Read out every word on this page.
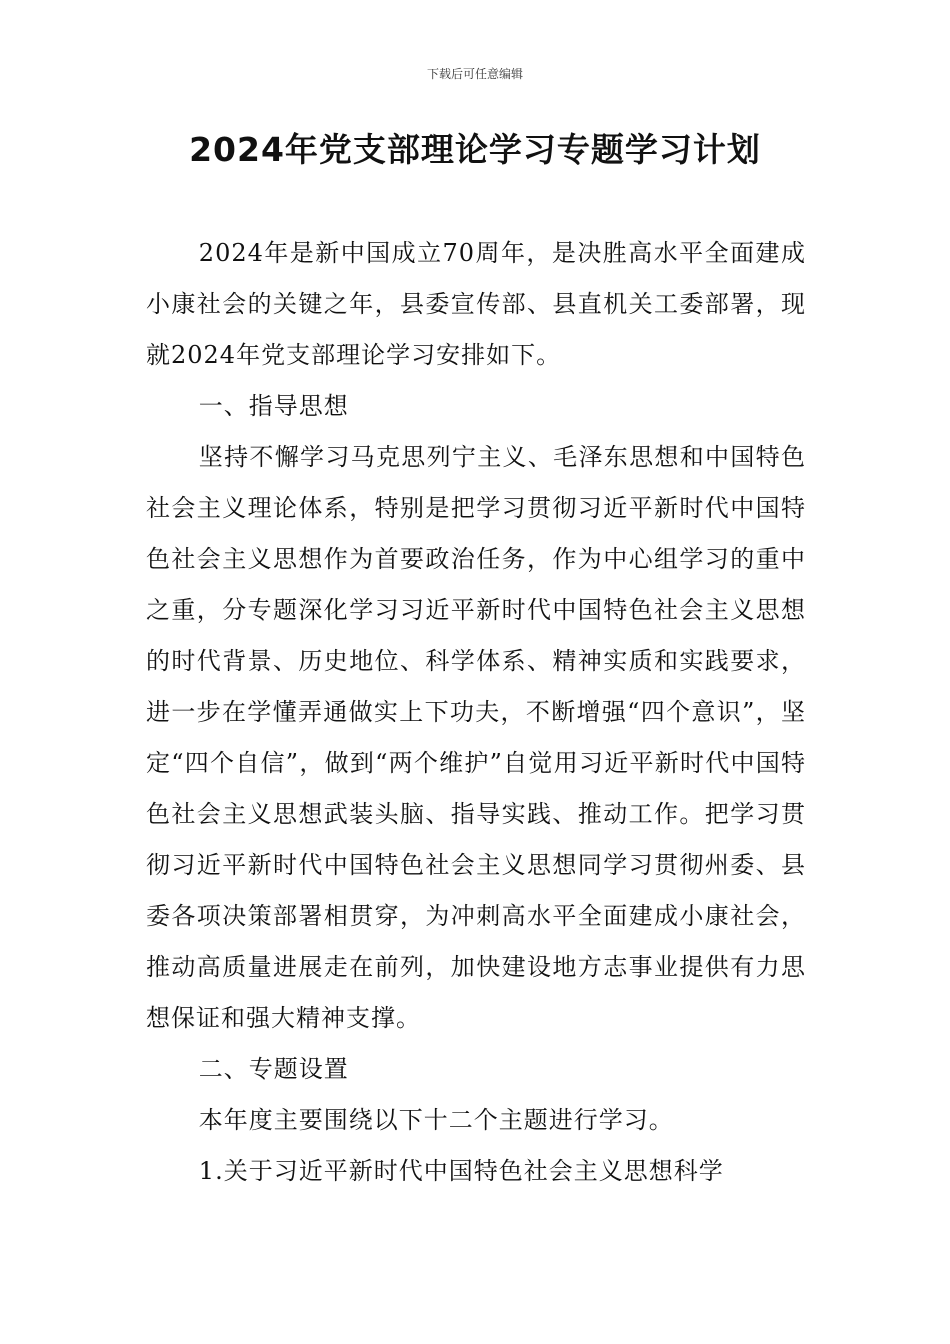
下载后可任意编辑
2024年党支部理论学习专题学习计划

2024年是新中国成立70周年，是决胜高水平全面建成小康社会的关键之年，县委宣传部、县直机关工委部署，现就2024年党支部理论学习安排如下。

一、指导思想

坚持不懈学习马克思列宁主义、毛泽东思想和中国特色社会主义理论体系，特别是把学习贯彻习近平新时代中国特色社会主义思想作为首要政治任务，作为中心组学习的重中之重，分专题深化学习习近平新时代中国特色社会主义思想的时代背景、历史地位、科学体系、精神实质和实践要求，进一步在学懂弄通做实上下功夫，不断增强“四个意识”，坚定“四个自信”，做到“两个维护”自觉用习近平新时代中国特色社会主义思想武装头脑、指导实践、推动工作。把学习贯彻习近平新时代中国特色社会主义思想同学习贯彻州委、县委各项决策部署相贯穿，为冲刺高水平全面建成小康社会，推动高质量进展走在前列，加快建设地方志事业提供有力思想保证和强大精神支撑。

二、专题设置

本年度主要围绕以下十二个主题进行学习。

1.关于习近平新时代中国特色社会主义思想科学
